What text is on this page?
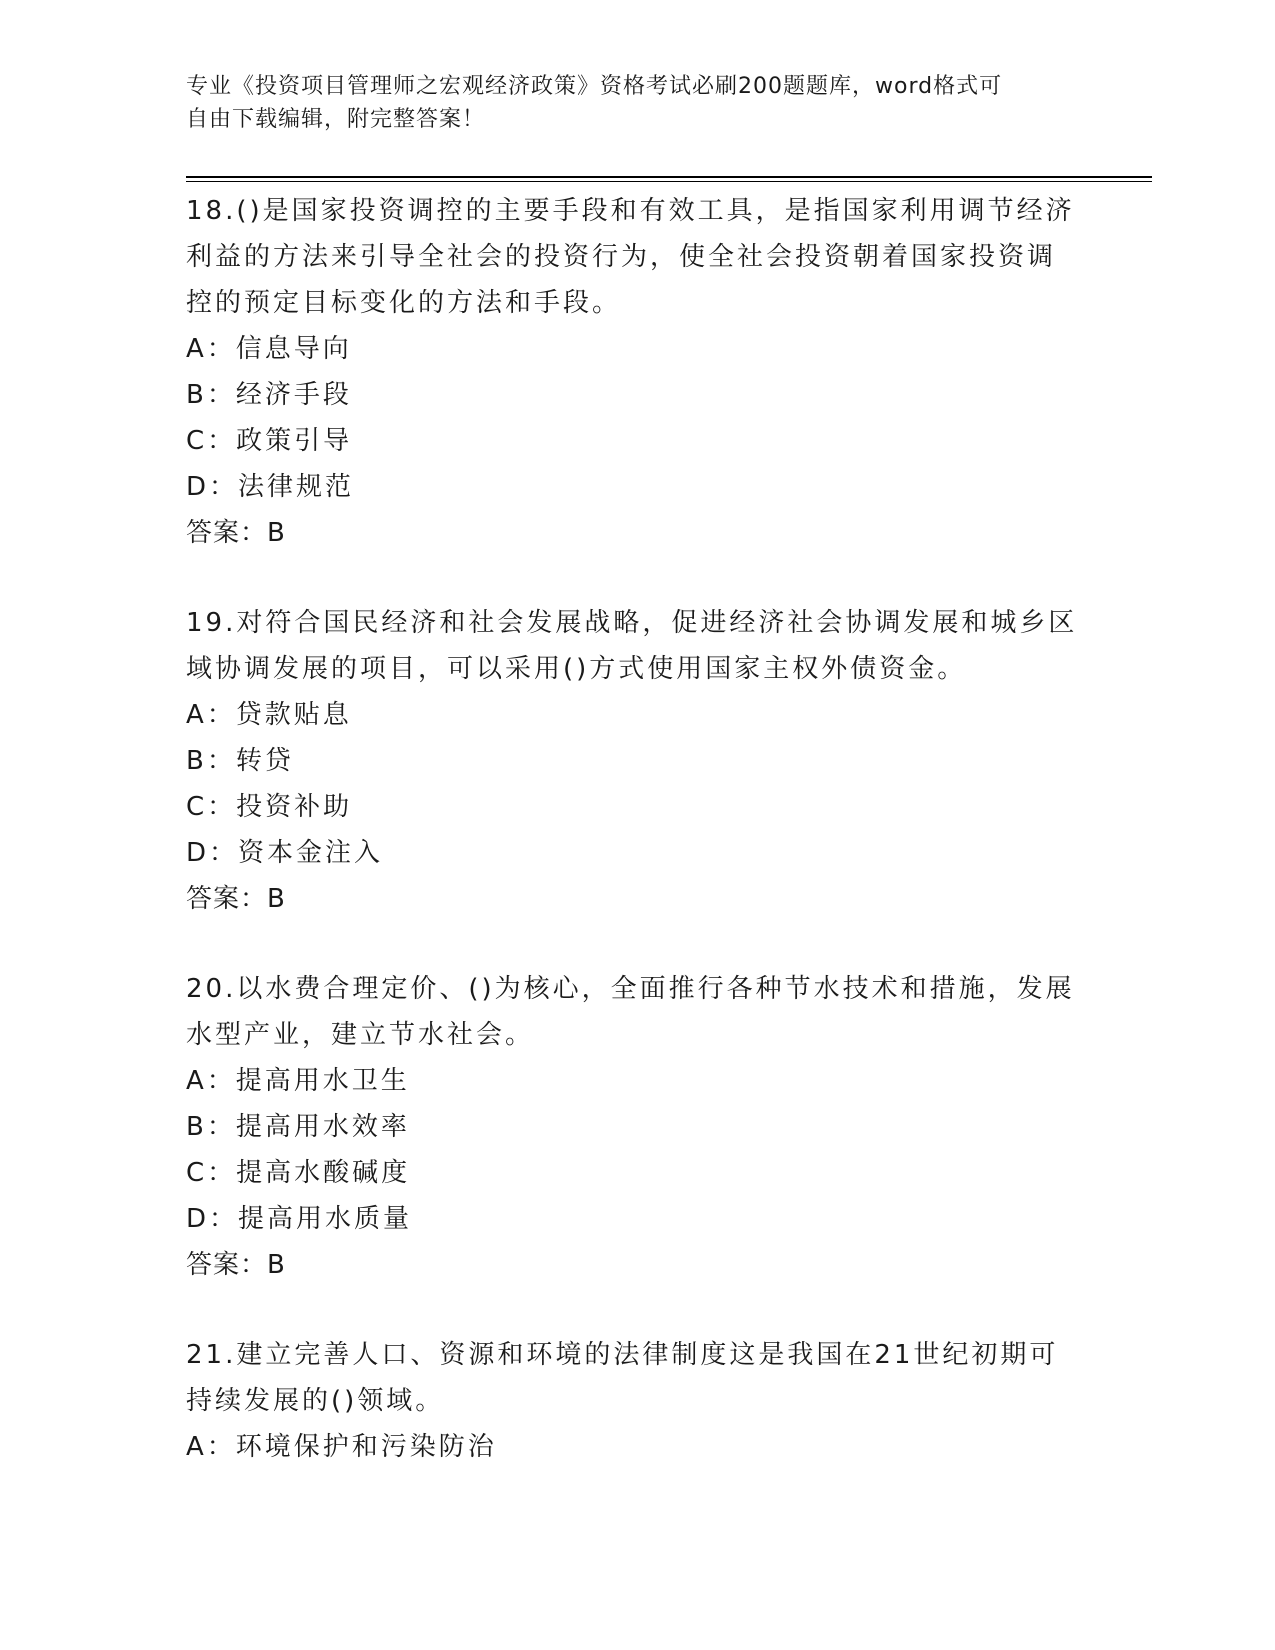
专业《投资项目管理师之宏观经济政策》资格考试必刷200题题库，word格式可
自由下载编辑，附完整答案！
18.()是国家投资调控的主要手段和有效工具，是指国家利用调节经济
利益的方法来引导全社会的投资行为，使全社会投资朝着国家投资调
控的预定目标变化的方法和手段。
A：信息导向
B：经济手段
C：政策引导
D：法律规范
答案：B
19.对符合国民经济和社会发展战略，促进经济社会协调发展和城乡区
域协调发展的项目，可以采用()方式使用国家主权外债资金。
A：贷款贴息
B：转贷
C：投资补助
D：资本金注入
答案：B
20.以水费合理定价、()为核心，全面推行各种节水技术和措施，发展
水型产业，建立节水社会。
A：提高用水卫生
B：提高用水效率
C：提高水酸碱度
D：提高用水质量
答案：B
21.建立完善人口、资源和环境的法律制度这是我国在21世纪初期可
持续发展的()领域。
A：环境保护和污染防治
